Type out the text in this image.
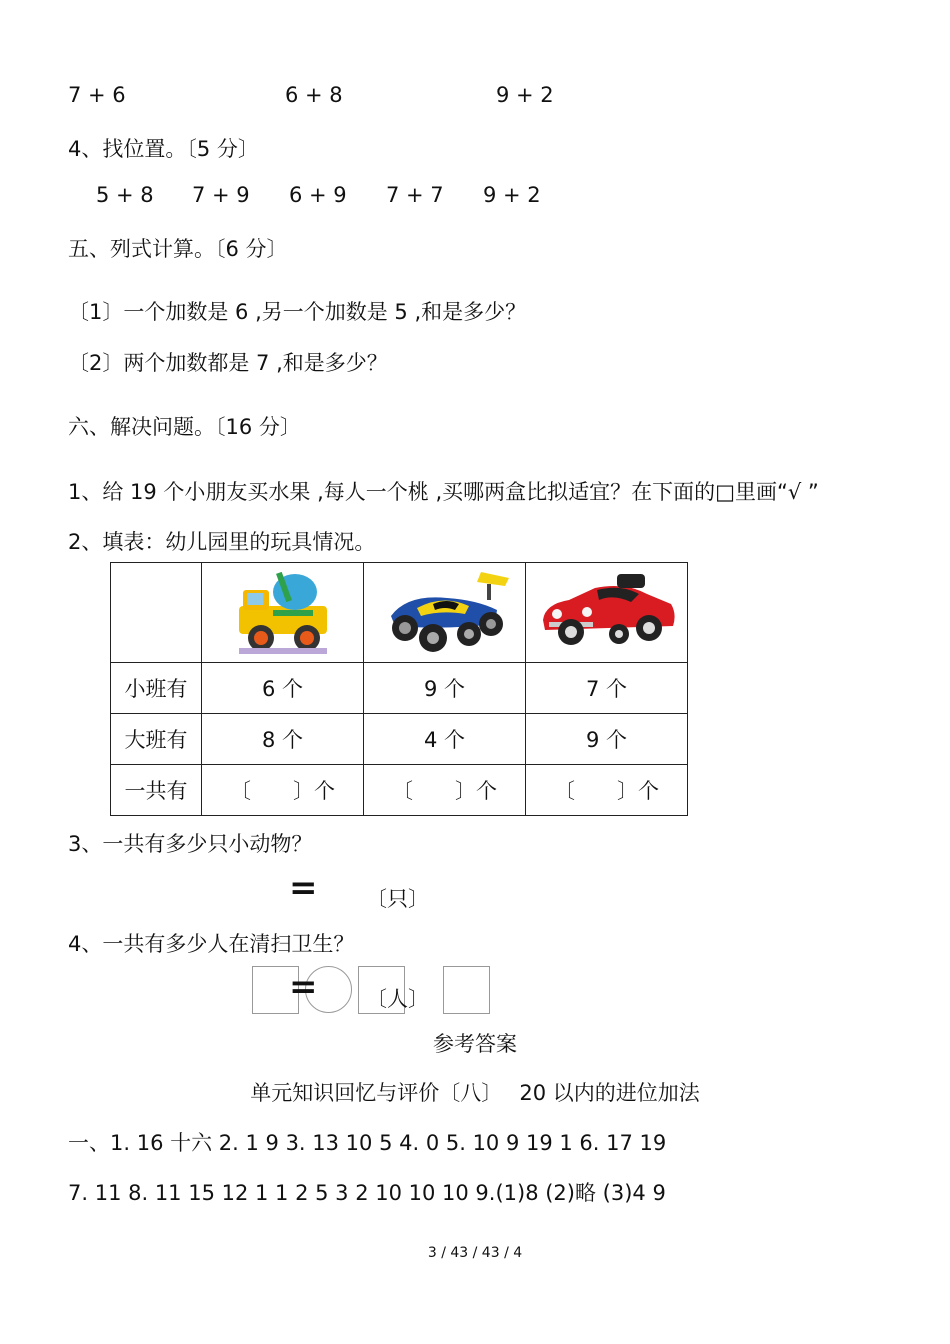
7 + 6	6 + 8	9 + 2
4、找位置。〔5 分〕
5 + 8 7 + 9 6 + 9 7 + 7 9 + 2
五、列式计算。〔6 分〕
〔1〕一个加数是 6 ,另一个加数是 5 ,和是多少？
〔2〕两个加数都是 7 ,和是多少？
六、解决问题。〔16 分〕
1、给 19 个小朋友买水果 ,每人一个桃 ,买哪两盒比拟适宜？在下面的□里画“√ ”
2、填表：幼儿园里的玩具情况。

小班有	6 个	9 个	7 个
大班有	8 个	4 个	9 个
一共有	〔　　〕个	〔　　〕个	〔　　〕个
3、一共有多少只小动物？
= 〔只〕
4、一共有多少人在清扫卫生？
= 〔人〕
参考答案
单元知识回忆与评价〔八〕　 20 以内的进位加法
一、1. 16 十六 2. 1 9 3. 13 10 5 4. 0 5. 10 9 19 1 6. 17 19
7. 11 8. 11 15 12 1 1 2 5 3 2 10 10 10 9.(1)8 (2)略 (3)4 9
3 / 43 / 43 / 4
